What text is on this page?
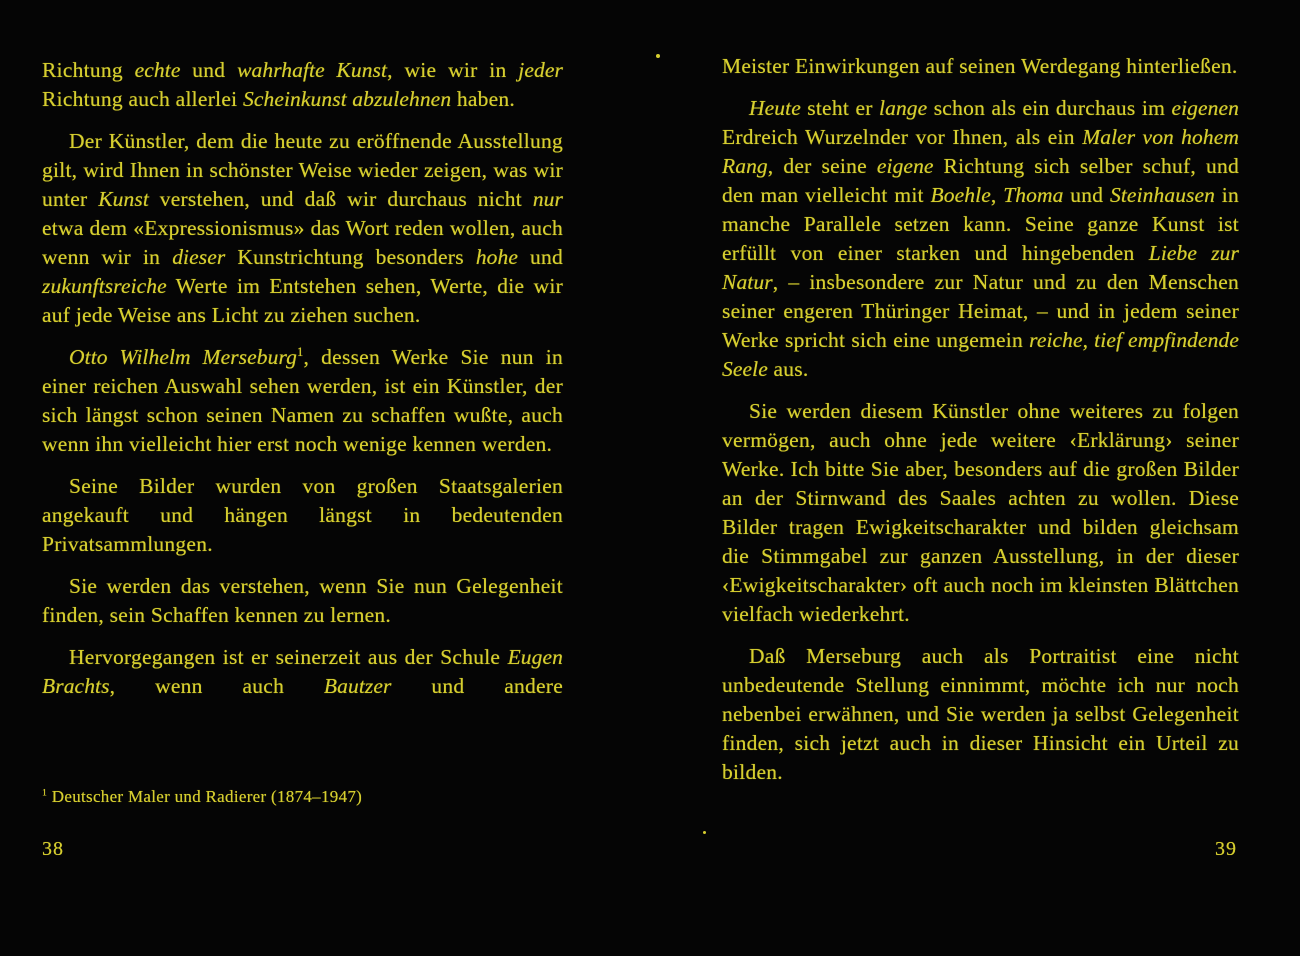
Richtung echte und wahrhafte Kunst, wie wir in jeder Richtung auch allerlei Scheinkunst abzulehnen haben.

Der Künstler, dem die heute zu eröffnende Ausstellung gilt, wird Ihnen in schönster Weise wieder zeigen, was wir unter Kunst verstehen, und daß wir durchaus nicht nur etwa dem «Expressionismus» das Wort reden wollen, auch wenn wir in dieser Kunstrichtung besonders hohe und zukunftsreiche Werte im Entstehen sehen, Werte, die wir auf jede Weise ans Licht zu ziehen suchen.

Otto Wilhelm Merseburg$^1$, dessen Werke Sie nun in einer reichen Auswahl sehen werden, ist ein Künstler, der sich längst schon seinen Namen zu schaffen wußte, auch wenn ihn vielleicht hier erst noch wenige kennen werden.

Seine Bilder wurden von großen Staatsgalerien angekauft und hängen längst in bedeutenden Privatsammlungen.

Sie werden das verstehen, wenn Sie nun Gelegenheit finden, sein Schaffen kennen zu lernen.

Hervorgegangen ist er seinerzeit aus der Schule Eugen Brachts, wenn auch Bautzer und andere

$^1$ Deutscher Maler und Radierer (1874–1947)
38

Meister Einwirkungen auf seinen Werdegang hinterließen.

Heute steht er lange schon als ein durchaus im eigenen Erdreich Wurzelnder vor Ihnen, als ein Maler von hohem Rang, der seine eigene Richtung sich selber schuf, und den man vielleicht mit Boehle, Thoma und Steinhausen in manche Parallele setzen kann. Seine ganze Kunst ist erfüllt von einer starken und hingebenden Liebe zur Natur, – insbesondere zur Natur und zu den Menschen seiner engeren Thüringer Heimat, – und in jedem seiner Werke spricht sich eine ungemein reiche, tief empfindende Seele aus.

Sie werden diesem Künstler ohne weiteres zu folgen vermögen, auch ohne jede weitere ‹Erklärung› seiner Werke. Ich bitte Sie aber, besonders auf die großen Bilder an der Stirnwand des Saales achten zu wollen. Diese Bilder tragen Ewigkeitscharakter und bilden gleichsam die Stimmgabel zur ganzen Ausstellung, in der dieser ‹Ewigkeitscharakter› oft auch noch im kleinsten Blättchen vielfach wiederkehrt.

Daß Merseburg auch als Portraitist eine nicht unbedeutende Stellung einnimmt, möchte ich nur noch nebenbei erwähnen, und Sie werden ja selbst Gelegenheit finden, sich jetzt auch in dieser Hinsicht ein Urteil zu bilden.

39
